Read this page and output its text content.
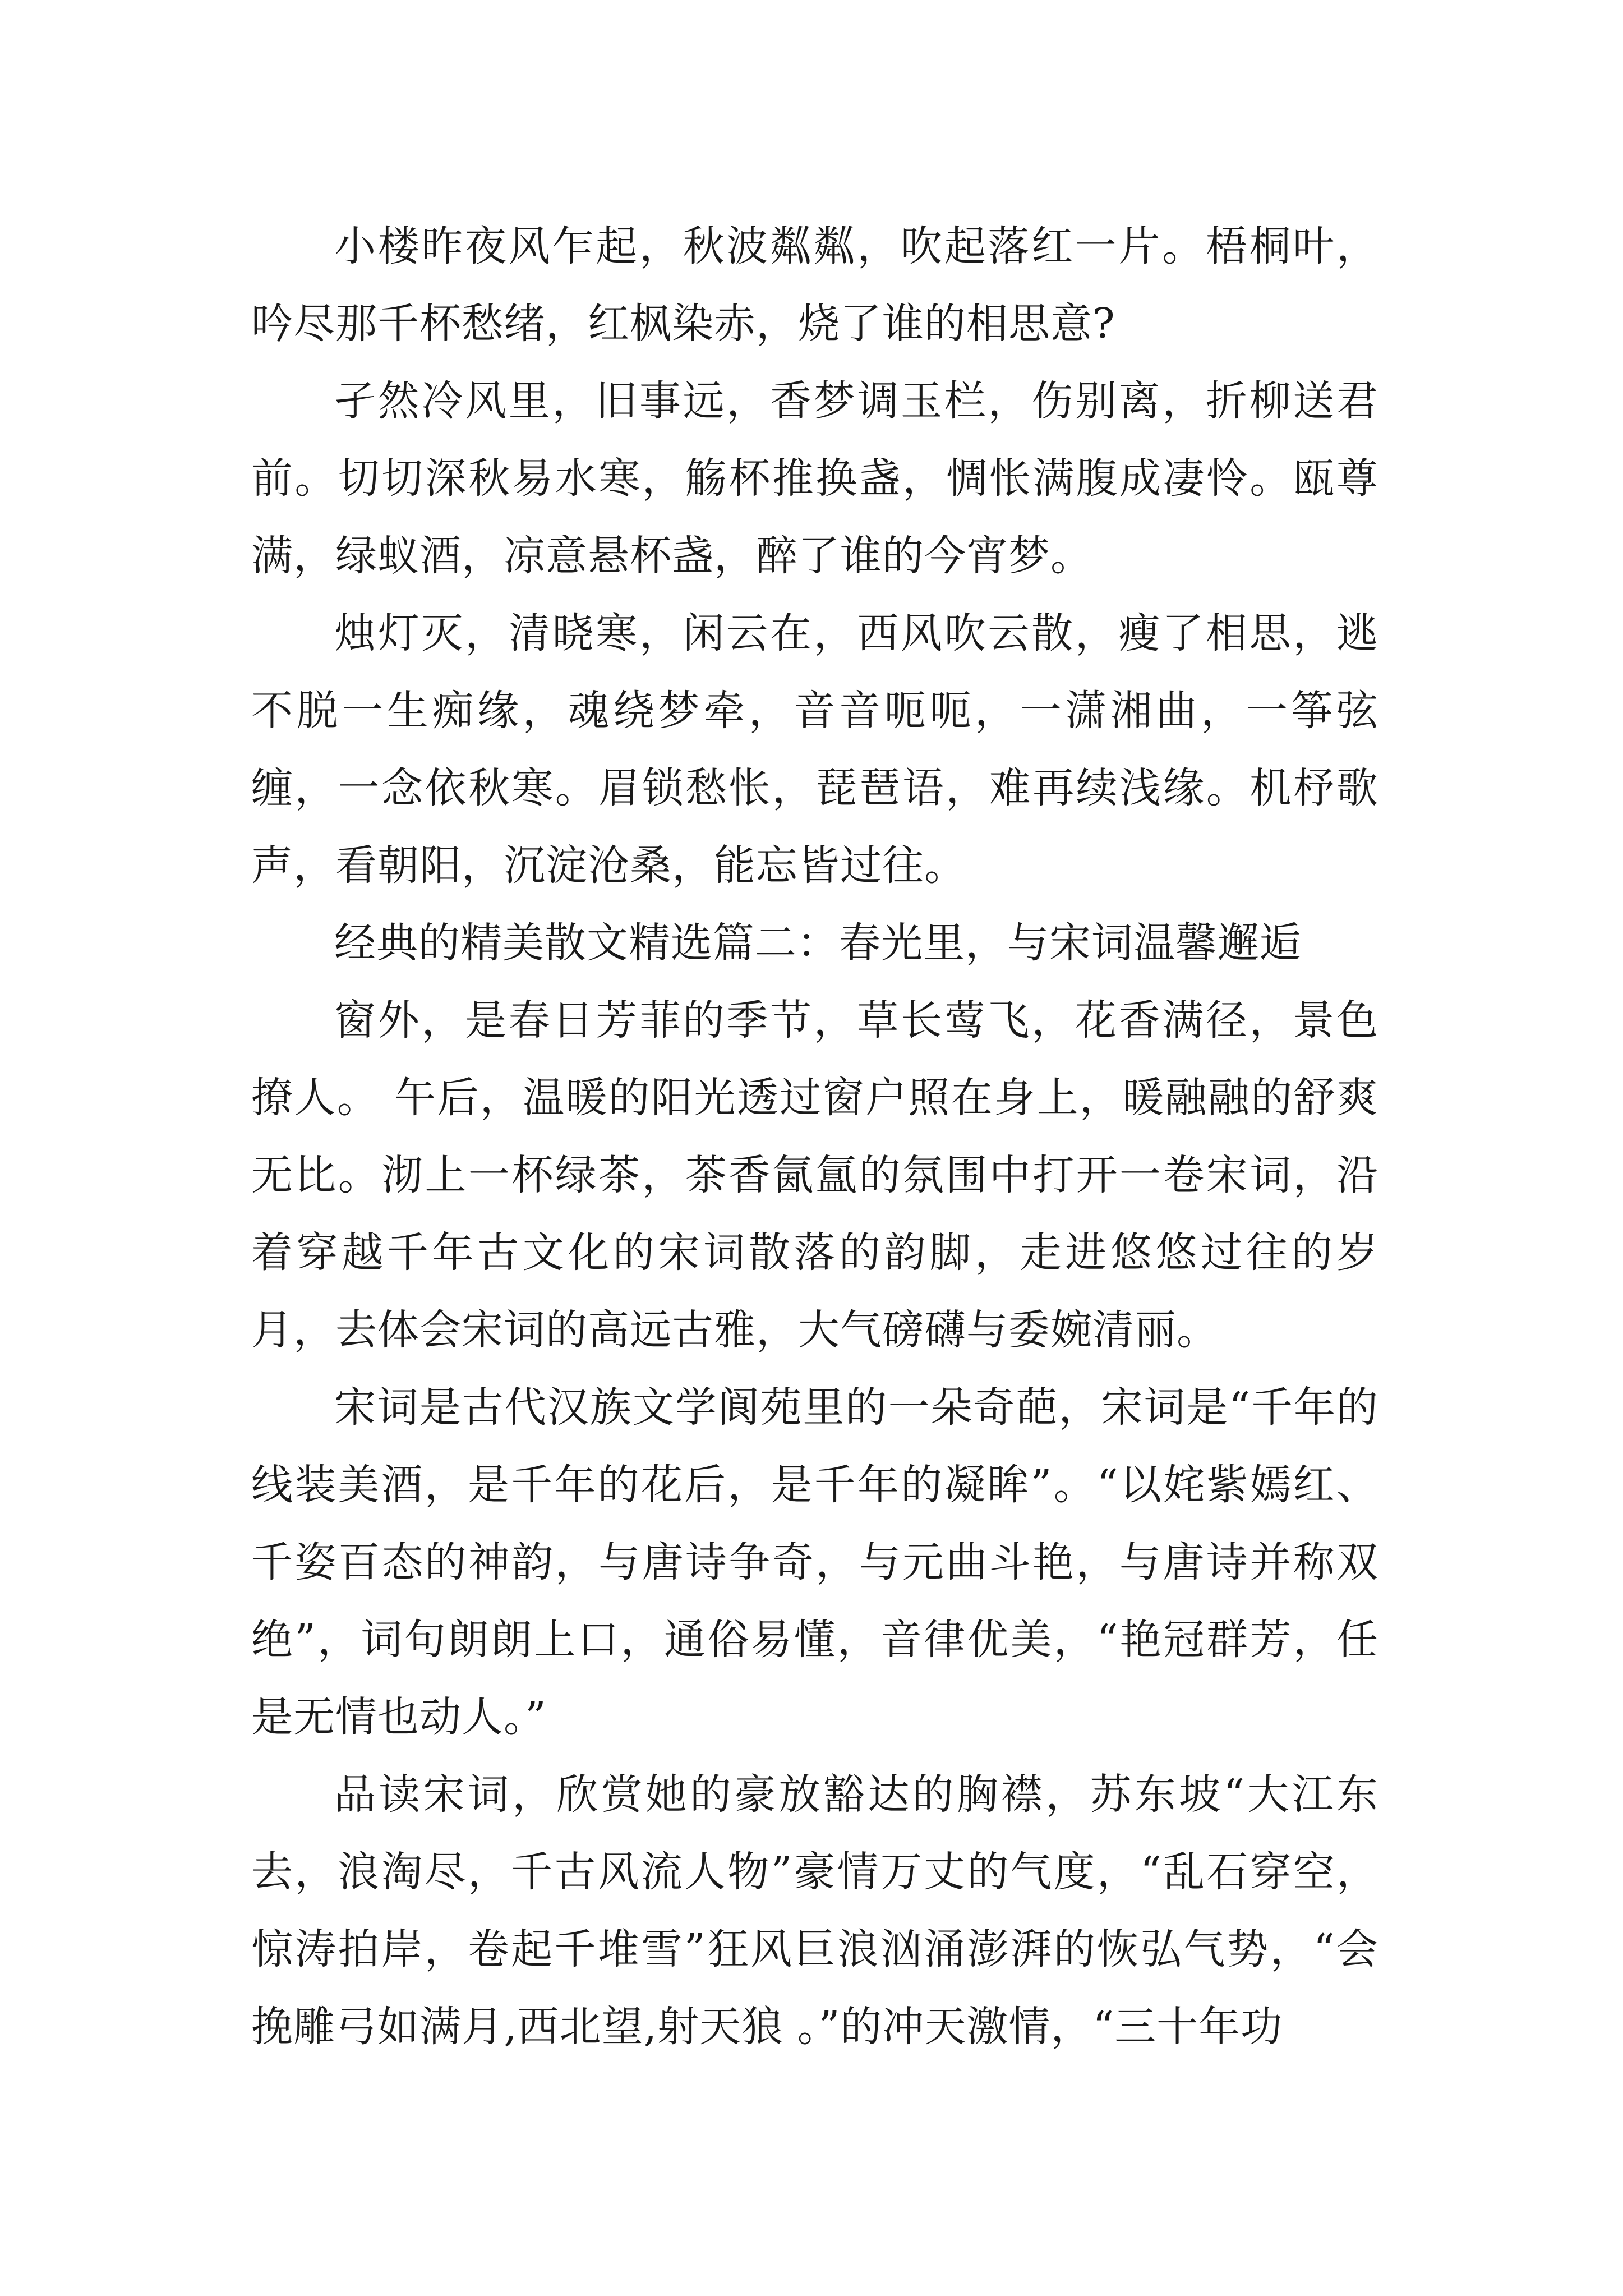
小楼昨夜风乍起，秋波粼粼，吹起落红一片。梧桐叶，吟尽那千杯愁绪，红枫染赤，烧了谁的相思意?

孑然冷风里，旧事远，香梦调玉栏，伤别离，折柳送君前。切切深秋易水寒，觞杯推换盏，惆怅满腹成凄怜。瓯尊满，绿蚁酒，凉意悬杯盏，醉了谁的今宵梦。

烛灯灭，清晓寒，闲云在，西风吹云散，瘦了相思，逃不脱一生痴缘，魂绕梦牵，音音呃呃，一潇湘曲，一筝弦缠，一念依秋寒。眉锁愁怅，琵琶语，难再续浅缘。机杼歌声，看朝阳，沉淀沧桑，能忘皆过往。

经典的精美散文精选篇二：春光里，与宋词温馨邂逅

窗外，是春日芳菲的季节，草长莺飞，花香满径，景色撩人。 午后，温暖的阳光透过窗户照在身上，暖融融的舒爽无比。沏上一杯绿茶，茶香氤氲的氛围中打开一卷宋词，沿着穿越千年古文化的宋词散落的韵脚，走进悠悠过往的岁月，去体会宋词的高远古雅，大气磅礴与委婉清丽。

宋词是古代汉族文学阆苑里的一朵奇葩，宋词是“千年的线装美酒，是千年的花后，是千年的凝眸”。“以姹紫嫣红、千姿百态的神韵，与唐诗争奇，与元曲斗艳，与唐诗并称双绝”，词句朗朗上口，通俗易懂，音律优美，“艳冠群芳，任是无情也动人。”

品读宋词，欣赏她的豪放豁达的胸襟，苏东坡“大江东去，浪淘尽，千古风流人物”豪情万丈的气度，“乱石穿空，惊涛拍岸，卷起千堆雪”狂风巨浪汹涌澎湃的恢弘气势，“会挽雕弓如满月,西北望,射天狼 。”的冲天激情，“三十年功
